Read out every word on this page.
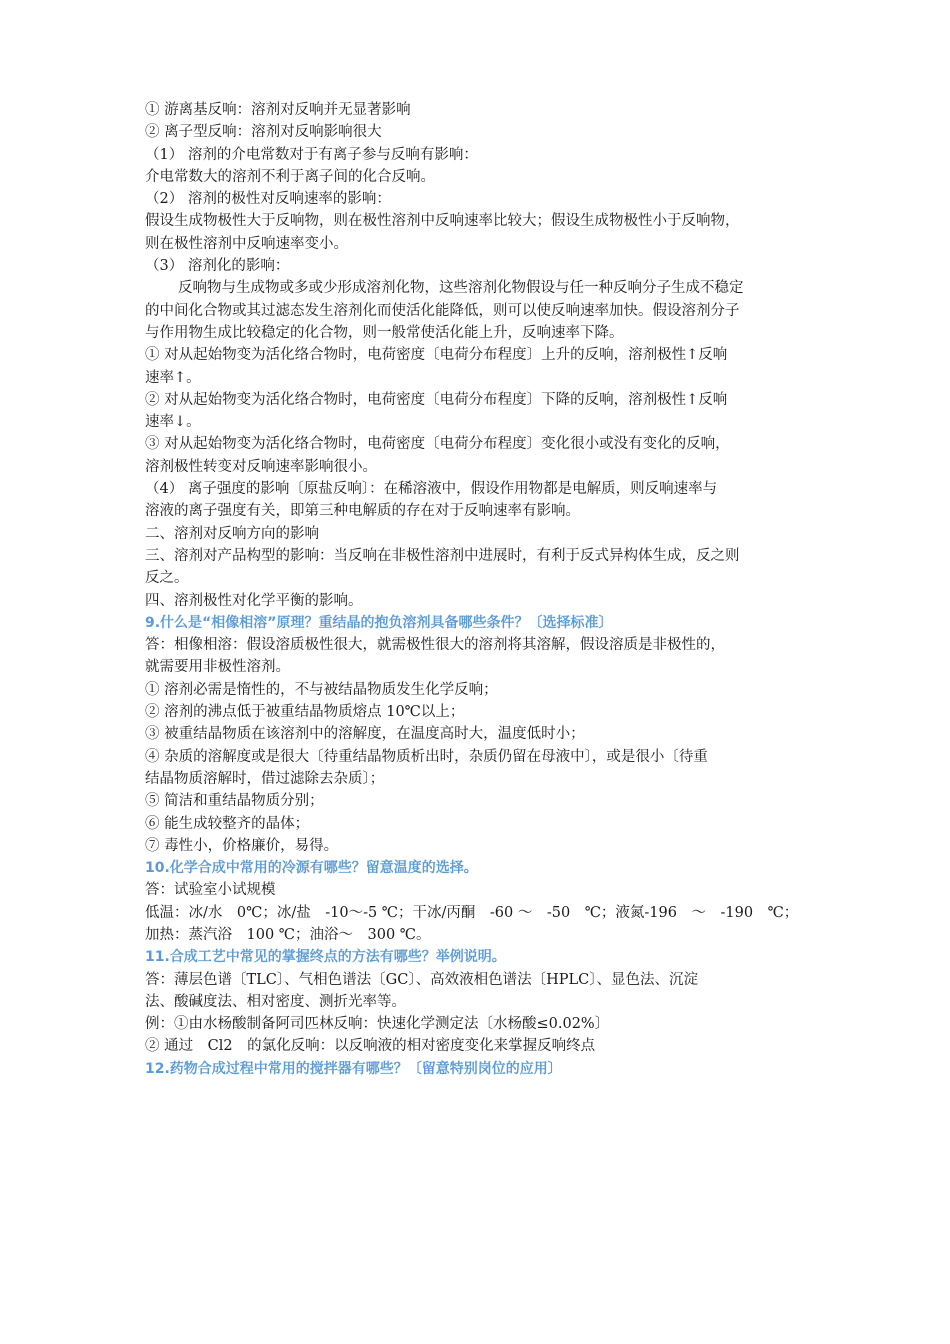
① 游离基反响：溶剂对反响并无显著影响
② 离子型反响：溶剂对反响影响很大
（1） 溶剂的介电常数对于有离子参与反响有影响：
介电常数大的溶剂不利于离子间的化合反响。
（2） 溶剂的极性对反响速率的影响：
假设生成物极性大于反响物，则在极性溶剂中反响速率比较大；假设生成物极性小于反响物，
则在极性溶剂中反响速率变小。
（3） 溶剂化的影响：
反响物与生成物或多或少形成溶剂化物，这些溶剂化物假设与任一种反响分子生成不稳定
的中间化合物或其过滤态发生溶剂化而使活化能降低，则可以使反响速率加快。假设溶剂分子
与作用物生成比较稳定的化合物，则一般常使活化能上升，反响速率下降。
① 对从起始物变为活化络合物时，电荷密度〔电荷分布程度〕上升的反响，溶剂极性↑反响
速率↑。
② 对从起始物变为活化络合物时，电荷密度〔电荷分布程度〕下降的反响，溶剂极性↑反响
速率↓。
③ 对从起始物变为活化络合物时，电荷密度〔电荷分布程度〕变化很小或没有变化的反响，
溶剂极性转变对反响速率影响很小。
（4） 离子强度的影响〔原盐反响〕：在稀溶液中，假设作用物都是电解质，则反响速率与
溶液的离子强度有关，即第三种电解质的存在对于反响速率有影响。
二、溶剂对反响方向的影响
三、溶剂对产品构型的影响：当反响在非极性溶剂中进展时，有利于反式异构体生成，反之则
反之。
四、溶剂极性对化学平衡的影响。
9.什么是“相像相溶”原理？重结晶的抱负溶剂具备哪些条件？〔选择标准〕
答：相像相溶：假设溶质极性很大，就需极性很大的溶剂将其溶解，假设溶质是非极性的，
就需要用非极性溶剂。
① 溶剂必需是惰性的，不与被结晶物质发生化学反响；
② 溶剂的沸点低于被重结晶物质熔点 10℃以上；
③ 被重结晶物质在该溶剂中的溶解度，在温度高时大，温度低时小；
④ 杂质的溶解度或是很大〔待重结晶物质析出时，杂质仍留在母液中〕，或是很小〔待重
结晶物质溶解时，借过滤除去杂质〕；
⑤ 简洁和重结晶物质分别；
⑥ 能生成较整齐的晶体；
⑦ 毒性小，价格廉价，易得。
10.化学合成中常用的冷源有哪些？留意温度的选择。
答：试验室小试规模
低温：冰/水　0℃；冰/盐　-10～-5 ℃；干冰/丙酮　-60 ～　-50　℃；液氮-196　～　-190　℃；
加热：蒸汽浴　100 ℃；油浴～　300 ℃。
11.合成工艺中常见的掌握终点的方法有哪些？举例说明。
答：薄层色谱〔TLC〕、气相色谱法〔GC〕、高效液相色谱法〔HPLC〕、显色法、沉淀
法、酸碱度法、相对密度、测折光率等。
例：①由水杨酸制备阿司匹林反响：快速化学测定法〔水杨酸≤0.02%〕
② 通过　Cl2　的氯化反响：以反响液的相对密度变化来掌握反响终点
12.药物合成过程中常用的搅拌器有哪些？〔留意特别岗位的应用〕
